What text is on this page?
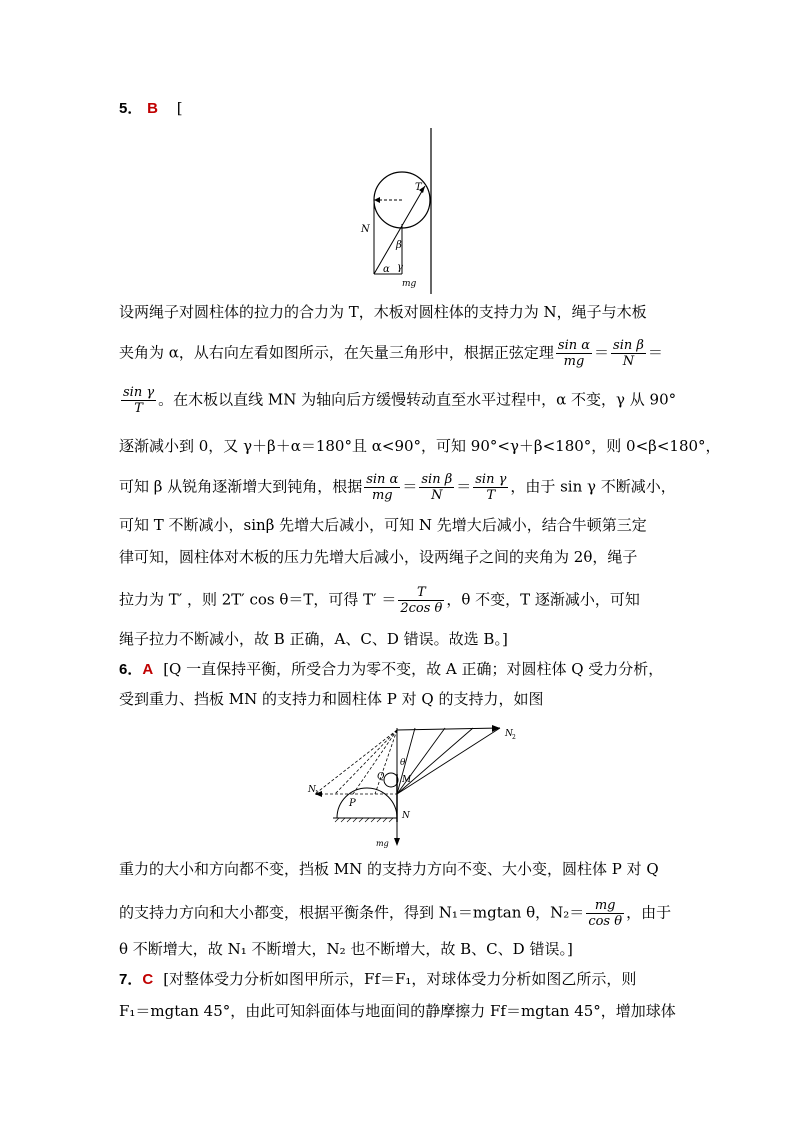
5． B [
T
N
β
α γ
mg
设两绳子对圆柱体的拉力的合力为 T，木板对圆柱体的支持力为 N，绳子与木板
夹角为 α，从右向左看如图所示，在矢量三角形中，根据正弦定理 $\frac{\text{sin α}}{mg} = \frac{\text{sin β}}{N}$ ＝
$\frac{\text{sin γ}}{T}$ 。在木板以直线 MN 为轴向后方缓慢转动直至水平过程中，α 不变，γ 从 90°
逐渐减小到 0，又 γ＋β＋α＝180°且 α<90°，可知 90°<γ＋β<180°，则 0<β<180°，
可知 β 从锐角逐渐增大到钝角，根据 $\frac{\text{sin α}}{mg} = \frac{\text{sin β}}{N} = \frac{\text{sin γ}}{T}$ ，由于 sin γ 不断减小，
可知 T 不断减小，sinβ 先增大后减小，可知 N 先增大后减小，结合牛顿第三定
律可知，圆柱体对木板的压力先增大后减小，设两绳子之间的夹角为 2θ，绳子
拉力为 T′ ，则 2T′ cos θ＝T，可得 $T' = \frac{T}{\text{2cos θ}}$ ，θ 不变，T 逐渐减小，可知
绳子拉力不断减小，故 B 正确，A、C、D 错误。故选 B。]
6．A [Q 一直保持平衡，所受合力为零不变，故 A 正确；对圆柱体 Q 受力分析，
受到重力、挡板 MN 的支持力和圆柱体 P 对 Q 的支持力，如图
N 1
N 2
P
Q M
N
θ
mg
重力的大小和方向都不变，挡板 MN 的支持力方向不变、大小变，圆柱体 P 对 Q
的支持力方向和大小都变，根据平衡条件，得到 N₁＝mgtan θ，$N_2= \frac{mg}{\text{cos θ}}$ ，由于
θ 不断增大，故 N₁ 不断增大，N₂ 也不断增大，故 B、C、D 错误。]
7．C [对整体受力分析如图甲所示，Ff＝F₁，对球体受力分析如图乙所示，则
F₁＝mgtan 45°，由此可知斜面体与地面间的静摩擦力 Ff＝mgtan 45°，增加球体
